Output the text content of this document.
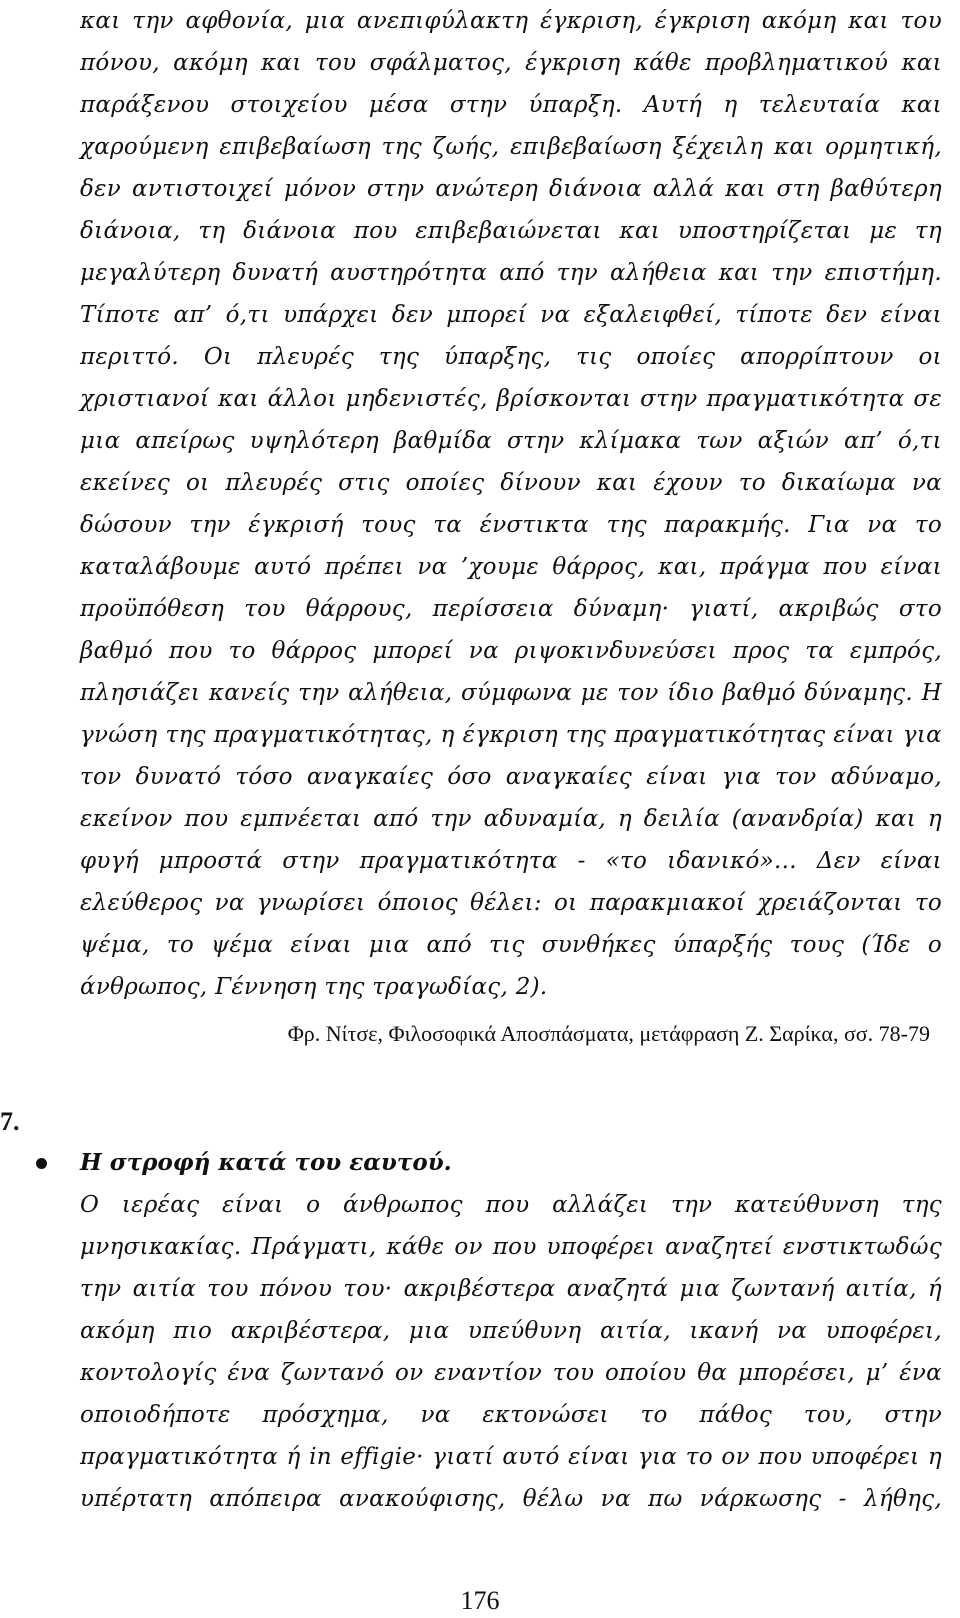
και την αφθονία, μια ανεπιφύλακτη έγκριση, έγκριση ακόμη και του
πόνου, ακόμη και του σφάλματος, έγκριση κάθε προβληματικού και
παράξενου στοιχείου μέσα στην ύπαρξη. Αυτή η τελευταία και
χαρούμενη επιβεβαίωση της ζωής, επιβεβαίωση ξέχειλη και ορμητική,
δεν αντιστοιχεί μόνον στην ανώτερη διάνοια αλλά και στη βαθύτερη
διάνοια, τη διάνοια που επιβεβαιώνεται και υποστηρίζεται με τη
μεγαλύτερη δυνατή αυστηρότητα από την αλήθεια και την επιστήμη.
Τίποτε απ’ ό,τι υπάρχει δεν μπορεί να εξαλειφθεί, τίποτε δεν είναι
περιττό. Οι πλευρές της ύπαρξης, τις οποίες απορρίπτουν οι
χριστιανοί και άλλοι μηδενιστές, βρίσκονται στην πραγματικότητα σε
μια απείρως υψηλότερη βαθμίδα στην κλίμακα των αξιών απ’ ό,τι
εκείνες οι πλευρές στις οποίες δίνουν και έχουν το δικαίωμα να
δώσουν την έγκρισή τους τα ένστικτα της παρακμής. Για να το
καταλάβουμε αυτό πρέπει να ’χουμε θάρρος, και, πράγμα που είναι
προϋπόθεση του θάρρους, περίσσεια δύναμη· γιατί, ακριβώς στο
βαθμό που το θάρρος μπορεί να ριψοκινδυνεύσει προς τα εμπρός,
πλησιάζει κανείς την αλήθεια, σύμφωνα με τον ίδιο βαθμό δύναμης. Η
γνώση της πραγματικότητας, η έγκριση της πραγματικότητας είναι για
τον δυνατό τόσο αναγκαίες όσο αναγκαίες είναι για τον αδύναμο,
εκείνον που εμπνέεται από την αδυναμία, η δειλία (ανανδρία) και η
φυγή μπροστά στην πραγματικότητα - «το ιδανικό»... Δεν είναι
ελεύθερος να γνωρίσει όποιος θέλει: οι παρακμιακοί χρειάζονται το
ψέμα, το ψέμα είναι μια από τις συνθήκες ύπαρξής τους (Ίδε ο
άνθρωπος, Γέννηση της τραγωδίας, 2).
Φρ. Νίτσε, Φιλοσοφικά Αποσπάσματα, μετάφραση Ζ. Σαρίκα, σσ. 78-79
7.
Η στροφή κατά του εαυτού.
Ο ιερέας είναι ο άνθρωπος που αλλάζει την κατεύθυνση της
μνησικακίας. Πράγματι, κάθε ον που υποφέρει αναζητεί ενστικτωδώς
την αιτία του πόνου του· ακριβέστερα αναζητά μια ζωντανή αιτία, ή
ακόμη πιο ακριβέστερα, μια υπεύθυνη αιτία, ικανή να υποφέρει,
κοντολογίς ένα ζωντανό ον εναντίον του οποίου θα μπορέσει, μ’ ένα
οποιοδήποτε πρόσχημα, να εκτονώσει το πάθος του, στην
πραγματικότητα ή in effigie· γιατί αυτό είναι για το ον που υποφέρει η
υπέρτατη απόπειρα ανακούφισης, θέλω να πω νάρκωσης - λήθης,
176
